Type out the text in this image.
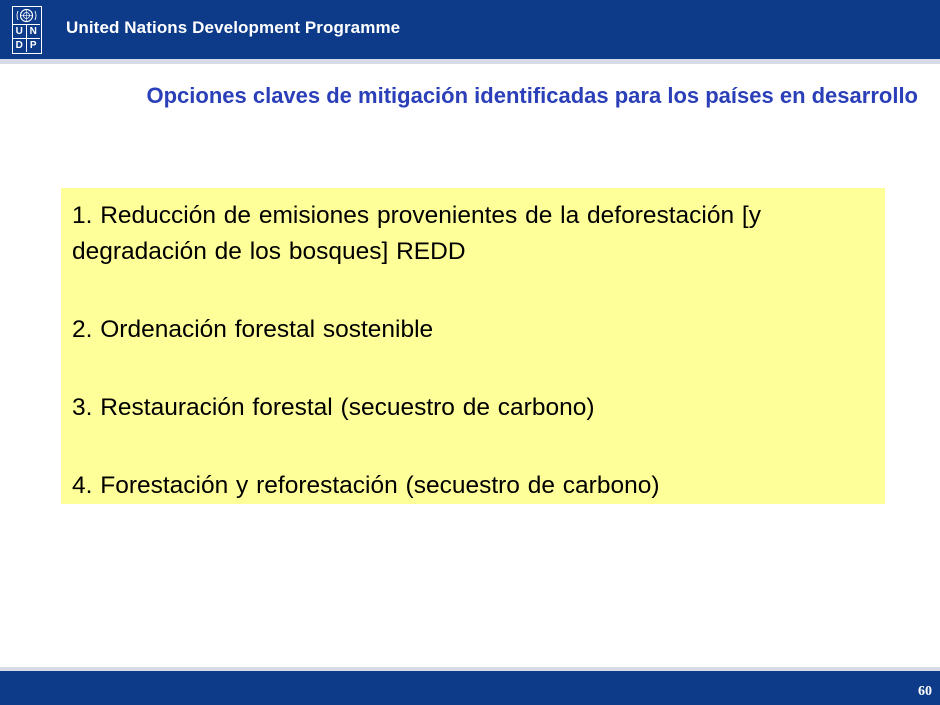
U N
D P
United Nations Development Programme
Opciones claves de mitigación identificadas para los países en desarrollo
1. Reducción de emisiones provenientes de la deforestación [y degradación de los bosques] REDD
2. Ordenación forestal sostenible
3. Restauración forestal (secuestro de carbono)
4. Forestación y reforestación (secuestro de carbono)
60
